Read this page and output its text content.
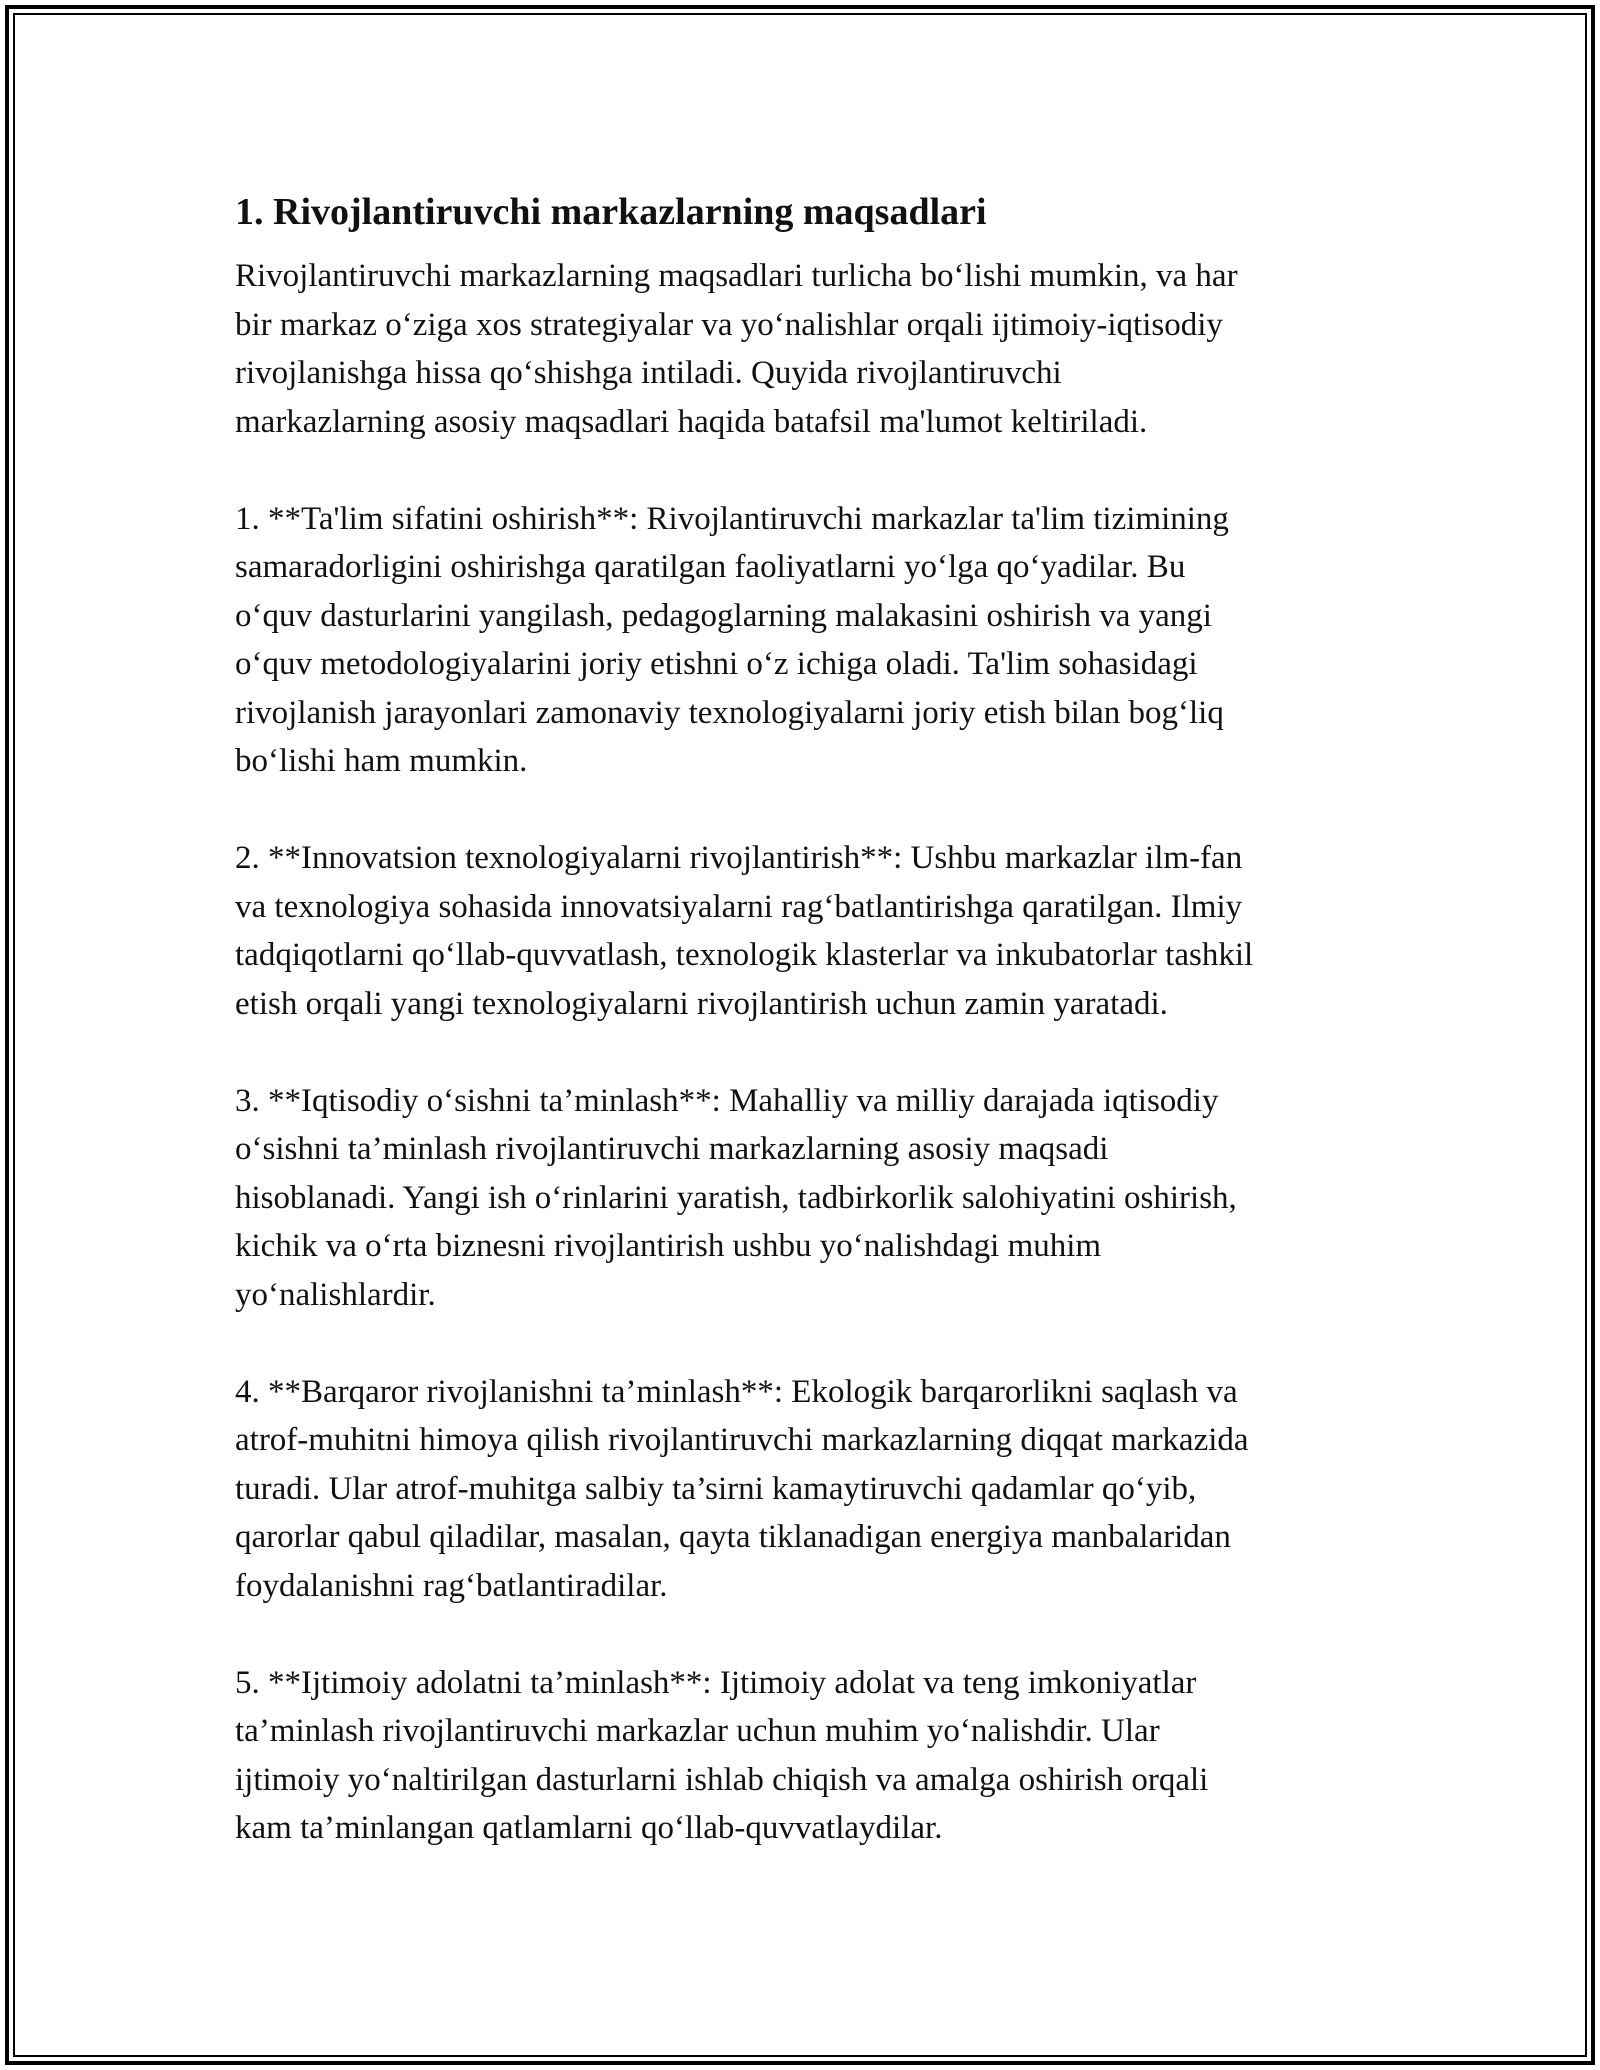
1. Rivojlantiruvchi markazlarning maqsadlari

Rivojlantiruvchi markazlarning maqsadlari turlicha bo‘lishi mumkin, va har
bir markaz o‘ziga xos strategiyalar va yo‘nalishlar orqali ijtimoiy-iqtisodiy
rivojlanishga hissa qo‘shishga intiladi. Quyida rivojlantiruvchi
markazlarning asosiy maqsadlari haqida batafsil ma'lumot keltiriladi.

1. **Ta'lim sifatini oshirish**: Rivojlantiruvchi markazlar ta'lim tizimining
samaradorligini oshirishga qaratilgan faoliyatlarni yo‘lga qo‘yadilar. Bu
o‘quv dasturlarini yangilash, pedagoglarning malakasini oshirish va yangi
o‘quv metodologiyalarini joriy etishni o‘z ichiga oladi. Ta'lim sohasidagi
rivojlanish jarayonlari zamonaviy texnologiyalarni joriy etish bilan bog‘liq
bo‘lishi ham mumkin.

2. **Innovatsion texnologiyalarni rivojlantirish**: Ushbu markazlar ilm-fan
va texnologiya sohasida innovatsiyalarni rag‘batlantirishga qaratilgan. Ilmiy
tadqiqotlarni qo‘llab-quvvatlash, texnologik klasterlar va inkubatorlar tashkil
etish orqali yangi texnologiyalarni rivojlantirish uchun zamin yaratadi.

3. **Iqtisodiy o‘sishni ta’minlash**: Mahalliy va milliy darajada iqtisodiy
o‘sishni ta’minlash rivojlantiruvchi markazlarning asosiy maqsadi
hisoblanadi. Yangi ish o‘rinlarini yaratish, tadbirkorlik salohiyatini oshirish,
kichik va o‘rta biznesni rivojlantirish ushbu yo‘nalishdagi muhim
yo‘nalishlardir.

4. **Barqaror rivojlanishni ta’minlash**: Ekologik barqarorlikni saqlash va
atrof-muhitni himoya qilish rivojlantiruvchi markazlarning diqqat markazida
turadi. Ular atrof-muhitga salbiy ta’sirni kamaytiruvchi qadamlar qo‘yib,
qarorlar qabul qiladilar, masalan, qayta tiklanadigan energiya manbalaridan
foydalanishni rag‘batlantiradilar.

5. **Ijtimoiy adolatni ta’minlash**: Ijtimoiy adolat va teng imkoniyatlar
ta’minlash rivojlantiruvchi markazlar uchun muhim yo‘nalishdir. Ular
ijtimoiy yo‘naltirilgan dasturlarni ishlab chiqish va amalga oshirish orqali
kam ta’minlangan qatlamlarni qo‘llab-quvvatlaydilar.
